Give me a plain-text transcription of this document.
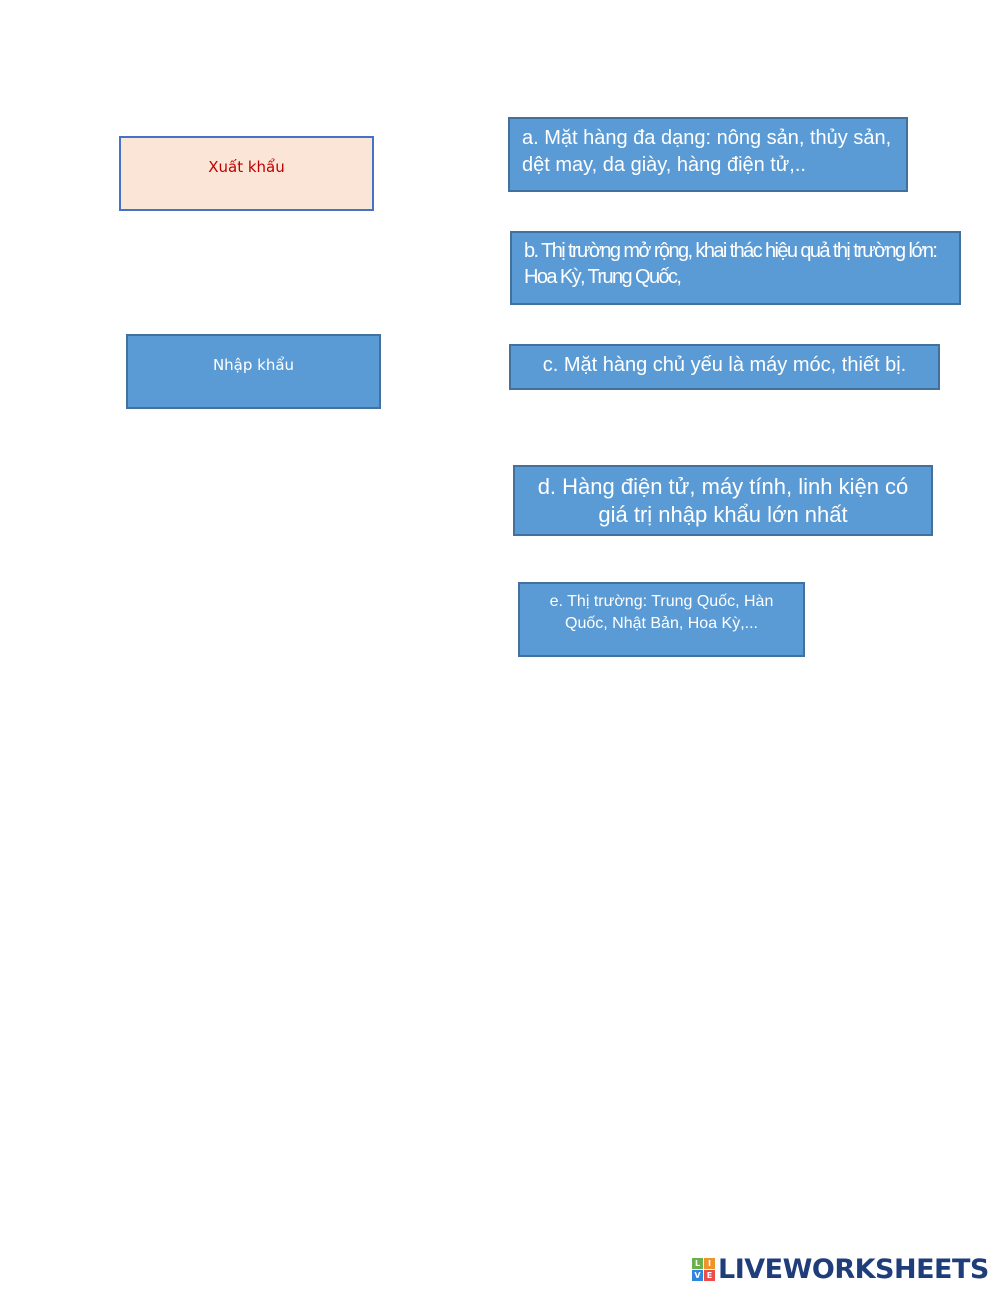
Xuất khẩu
Nhập khẩu
a. Mặt hàng đa dạng: nông sản, thủy sản, dệt may, da giày, hàng điện tử,..
b. Thị trường mở rộng, khai thác hiệu quả thị trường lớn: Hoa Kỳ, Trung Quốc,
c. Mặt hàng chủ yếu là máy móc, thiết bị.
d. Hàng điện tử, máy tính, linh kiện có giá trị nhập khẩu lớn nhất
e. Thị trường: Trung Quốc, Hàn Quốc, Nhật Bản, Hoa Kỳ,...
L I
V E LIVEWORKSHEETS
